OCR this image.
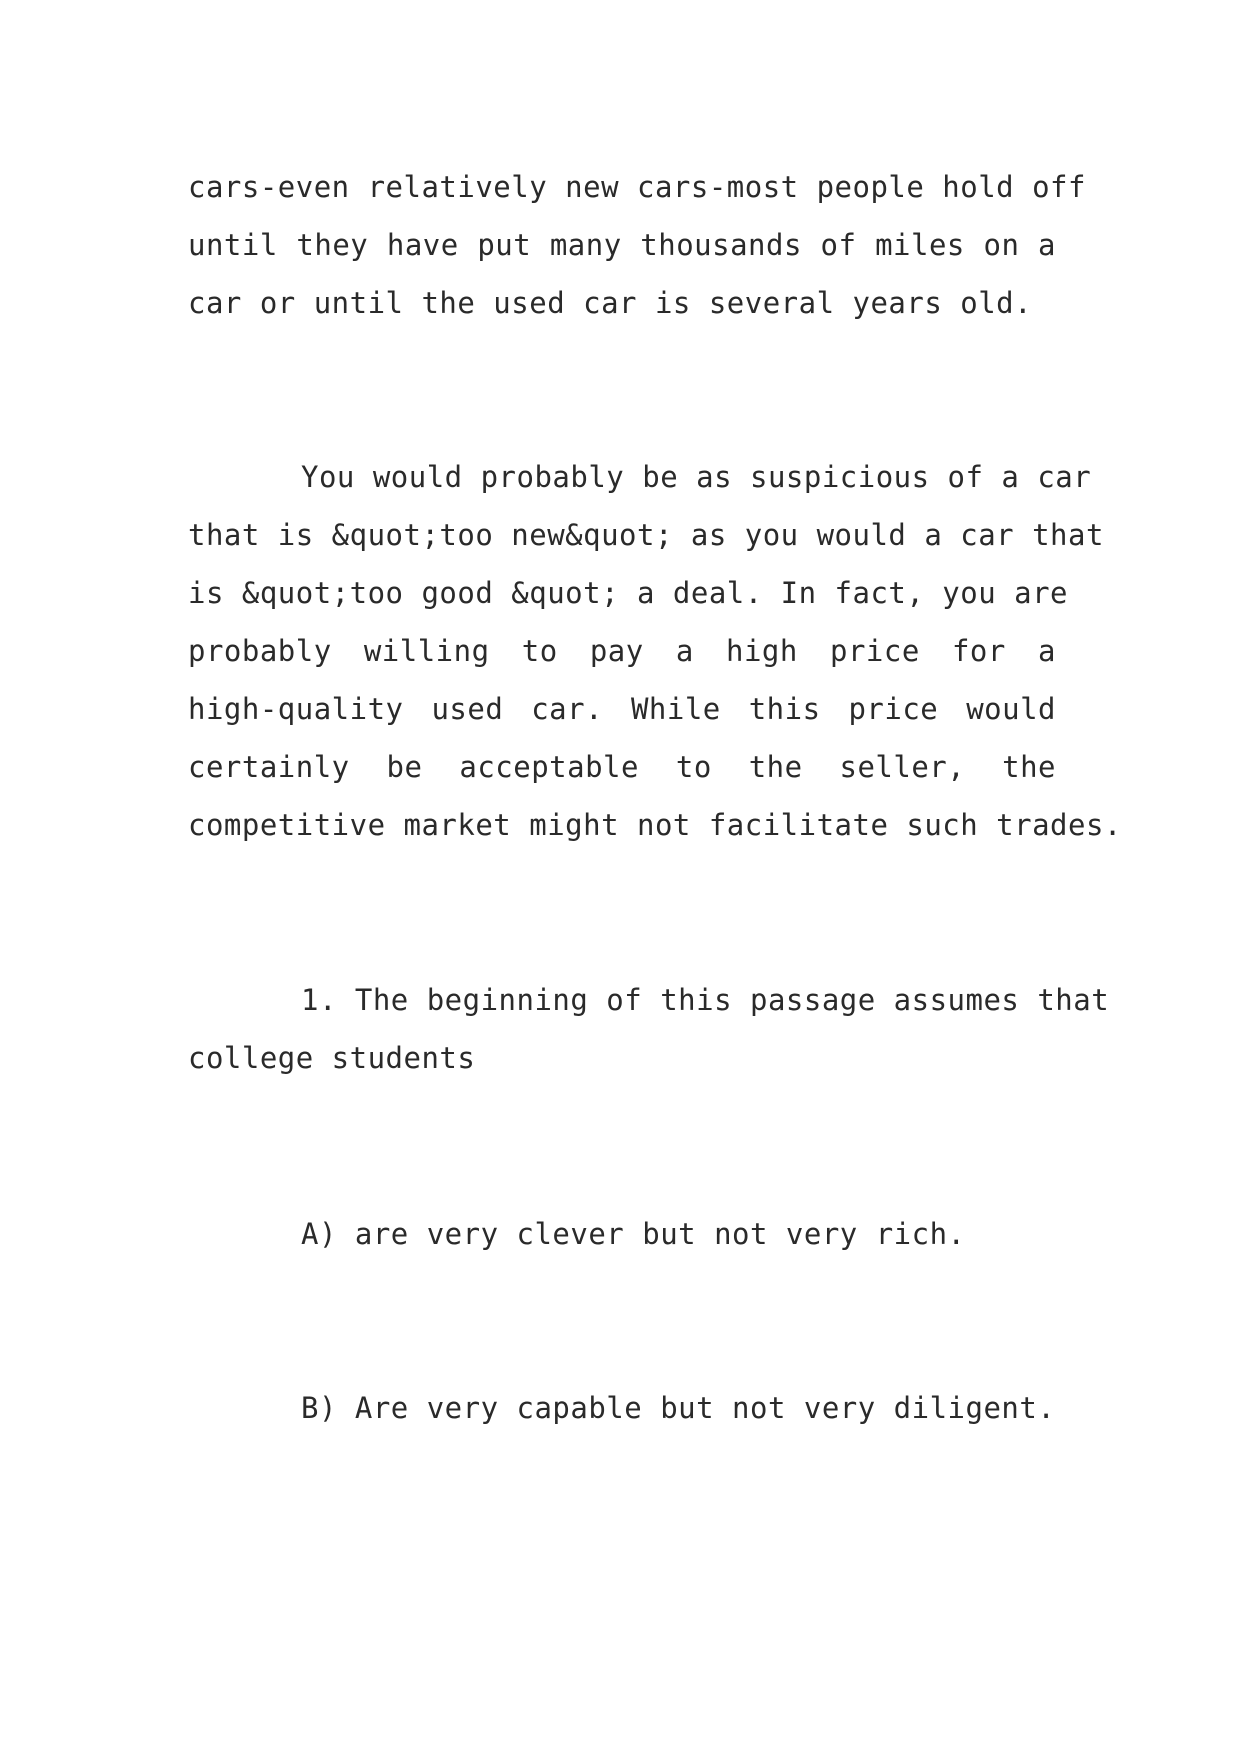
cars-even relatively new cars-most people hold off
until they have put many thousands of miles on a
car or until the used car is several years old.
You would probably be as suspicious of a car
that is &quot;too new&quot; as you would a car that
is &quot;too good &quot; a deal. In fact, you are
probably willing to pay a high price for a
high-quality used car. While this price would
certainly be acceptable to the seller, the
competitive market might not facilitate such trades.
1. The beginning of this passage assumes that
college students

A) are very clever but not very rich.

B) Are very capable but not very diligent.
